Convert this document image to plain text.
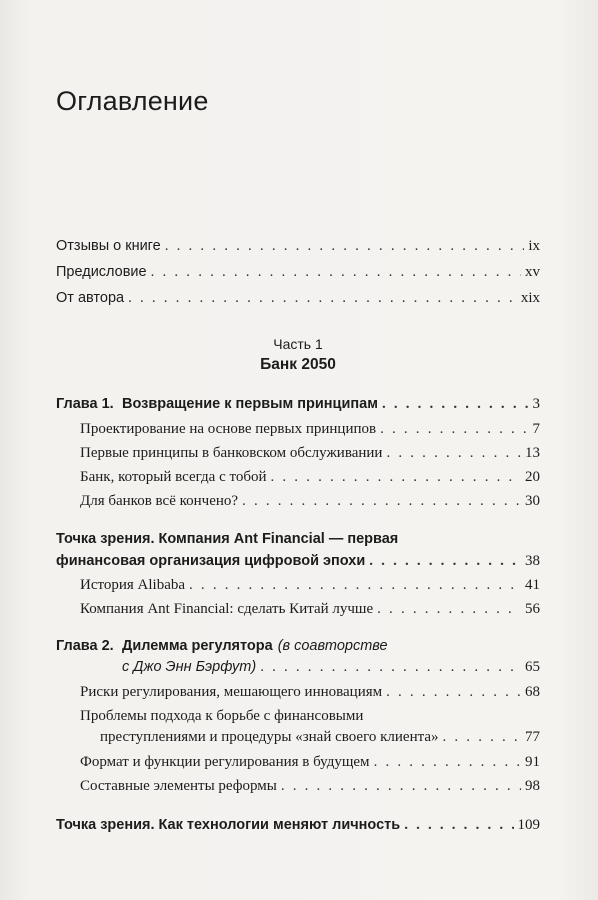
Оглавление
Отзывы о книге . . .	ix
Предисловие . . .	xv
От автора . . .	xix
Часть 1
Банк 2050
Глава 1. Возвращение к первым принципам . . .	3
Проектирование на основе первых принципов . . .	7
Первые принципы в банковском обслуживании . . .	13
Банк, который всегда с тобой . . .	20
Для банков всё кончено? . . .	30
Точка зрения. Компания Ant Financial — первая
финансовая организация цифровой эпохи . . .	38
История Alibaba . . .	41
Компания Ant Financial: сделать Китай лучше . . .	56
Глава 2. Дилемма регулятора (в соавторстве
с Джо Энн Бэрфут) . . .	65
Риски регулирования, мешающего инновациям . . .	68
Проблемы подхода к борьбе с финансовыми
преступлениями и процедуры «знай своего клиента» . . .	77
Формат и функции регулирования в будущем . . .	91
Составные элементы реформы . . .	98
Точка зрения. Как технологии меняют личность . . .	109
